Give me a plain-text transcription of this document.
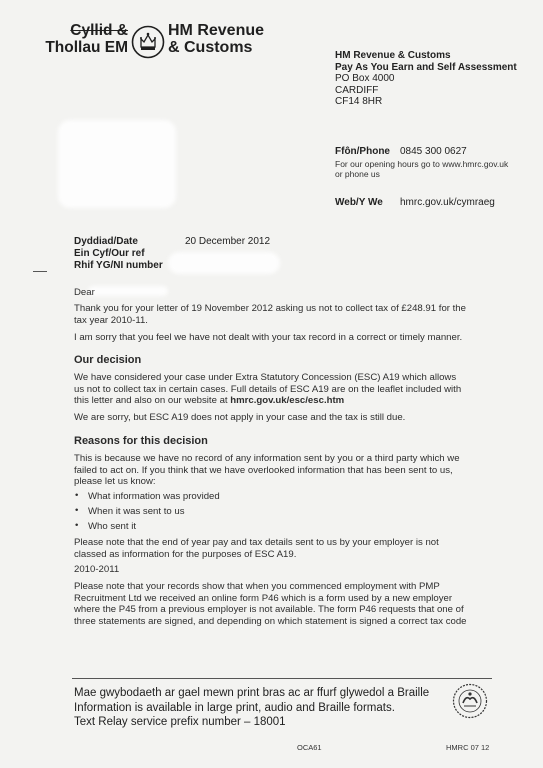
Cyllid &
Thollau EM
HM Revenue
& Customs	HM Revenue & Customs
Pay As You Earn and Self Assessment
PO Box 4000
CARDIFF
CF14 8HR
Ffôn/Phone 0845 300 0627
For our opening hours go to www.hmrc.gov.uk
or phone us
Web/Y We hmrc.gov.uk/cymraeg
Dyddiad/Date
Ein Cyf/Our ref
Rhif YG/NI number
20 December 2012
Dear
Thank you for your letter of 19 November 2012 asking us not to collect tax of £248.91 for the
tax year 2010-11.
I am sorry that you feel we have not dealt with your tax record in a correct or timely manner.
Our decision
We have considered your case under Extra Statutory Concession (ESC) A19 which allows
us not to collect tax in certain cases. Full details of ESC A19 are on the leaflet included with
this letter and also on our website at hmrc.gov.uk/esc/esc.htm
We are sorry, but ESC A19 does not apply in your case and the tax is still due.
Reasons for this decision
This is because we have no record of any information sent by you or a third party which we
failed to act on. If you think that we have overlooked information that has been sent to us,
please let us know:
• What information was provided
• When it was sent to us
• Who sent it
Please note that the end of year pay and tax details sent to us by your employer is not
classed as information for the purposes of ESC A19.
2010-2011
Please note that your records show that when you commenced employment with PMP
Recruitment Ltd we received an online form P46 which is a form used by a new employer
where the P45 from a previous employer is not available. The form P46 requests that one of
three statements are signed, and depending on which statement is signed a correct tax code
Mae gwybodaeth ar gael mewn print bras ac ar ffurf glywedol a Braille
Information is available in large print, audio and Braille formats.
Text Relay service prefix number – 18001
OCA61	HMRC 07 12
